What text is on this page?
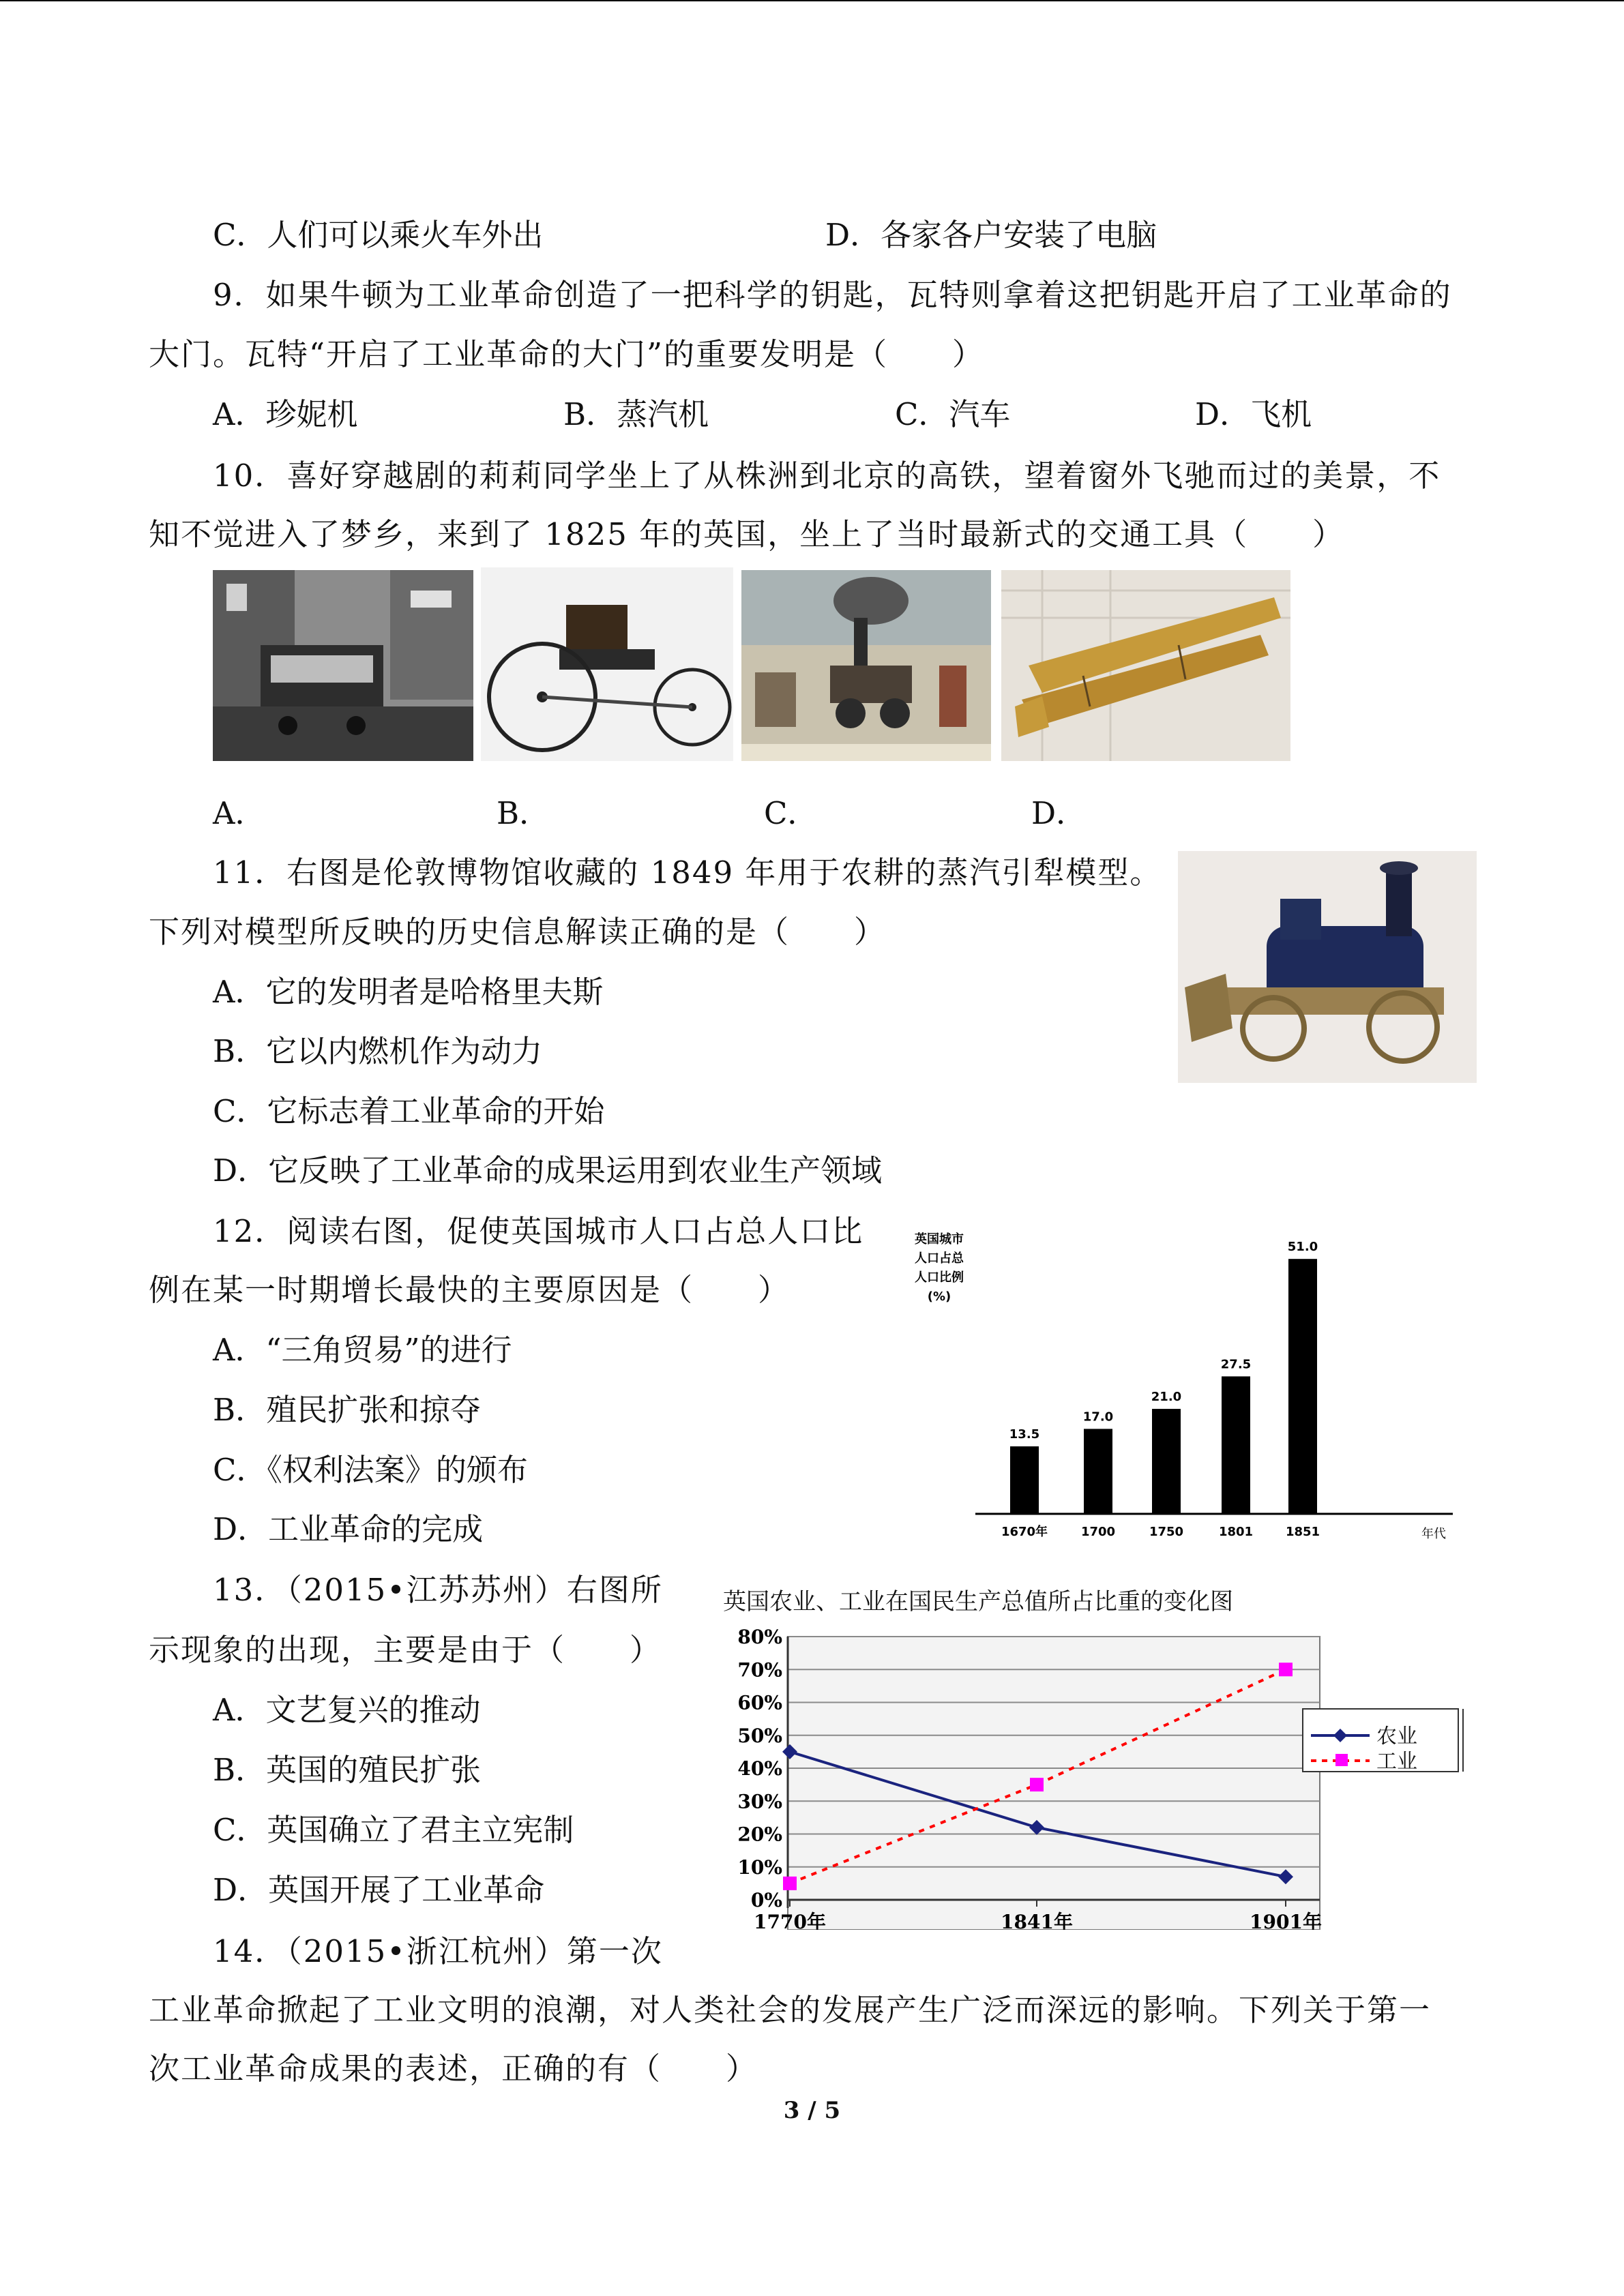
C．人们可以乘火车外出	D．各家各户安装了电脑
9．如果牛顿为工业革命创造了一把科学的钥匙，瓦特则拿着这把钥匙开启了工业革命的
大门。瓦特“开启了工业革命的大门”的重要发明是（　　）
A．珍妮机	B．蒸汽机	C．汽车	D．飞机
10．喜好穿越剧的莉莉同学坐上了从株洲到北京的高铁，望着窗外飞驰而过的美景，不
知不觉进入了梦乡，来到了 1825 年的英国，坐上了当时最新式的交通工具（　　）
A．	B．	C．	D．
11．右图是伦敦博物馆收藏的 1849 年用于农耕的蒸汽引犁模型。
下列对模型所反映的历史信息解读正确的是（　　）
A．它的发明者是哈格里夫斯
B．它以内燃机作为动力
C．它标志着工业革命的开始
D．它反映了工业革命的成果运用到农业生产领域
12．阅读右图，促使英国城市人口占总人口比
例在某一时期增长最快的主要原因是（　　）
A．“三角贸易”的进行
B．殖民扩张和掠夺
C．《权利法案》的颁布
D．工业革命的完成
英国城市
人口占总
人口比例
(%)
13.5
1670年
17.0
1700
21.0
1750
27.5
1801
51.0
1851	年代
13．（2015•江苏苏州）右图所
示现象的出现，主要是由于（　　）
A．文艺复兴的推动
B．英国的殖民扩张
C．英国确立了君主立宪制
D．英国开展了工业革命
英国农业、工业在国民生产总值所占比重的变化图
0%
10%
20%
30%
40%
50%
60%
70%
80%
1770年	1841年	1901年
农业
工业
14．（2015•浙江杭州）第一次
工业革命掀起了工业文明的浪潮，对人类社会的发展产生广泛而深远的影响。下列关于第一
次工业革命成果的表述，正确的有（　　）
3 / 5
